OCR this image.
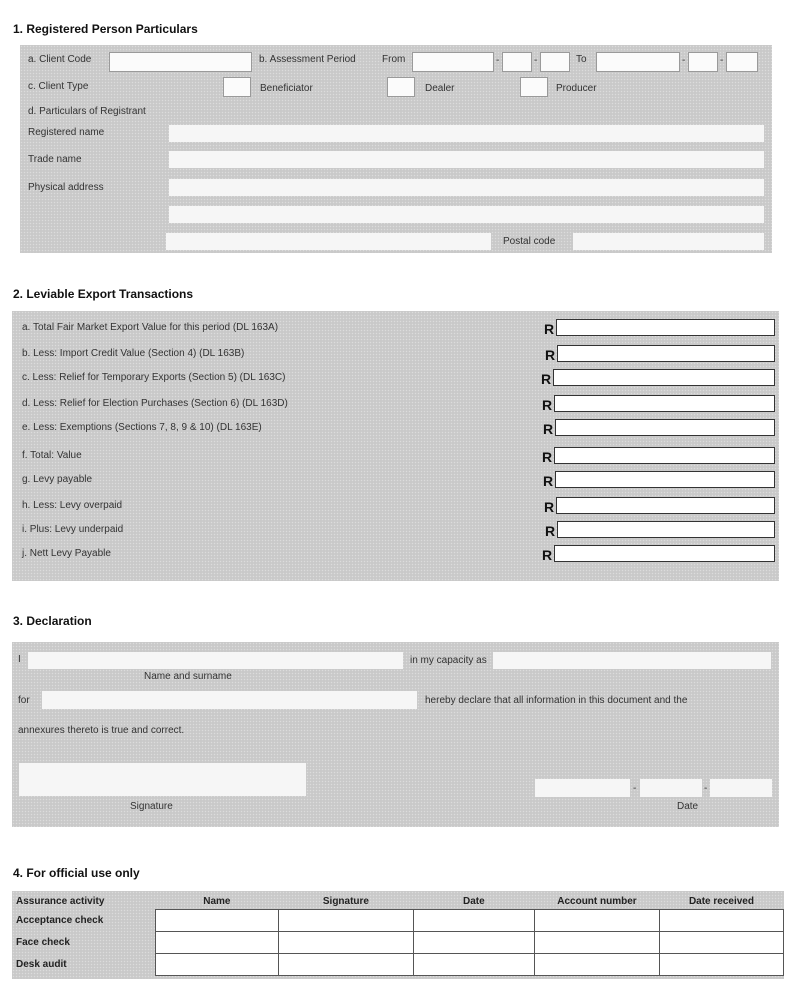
1. Registered Person Particulars
a. Client Code	b. Assessment Period	From	-	-	To	-	-
c. Client Type	Beneficiator	Dealer	Producer
d. Particulars of Registrant
Registered name
Trade name
Physical address
Postal code
2. Leviable Export Transactions
a. Total Fair Market Export Value for this period (DL 163A)	R
b. Less: Import Credit Value (Section 4) (DL 163B)	R
c. Less: Relief for Temporary Exports (Section 5) (DL 163C)	R
d. Less: Relief for Election Purchases (Section 6) (DL 163D)	R
e. Less: Exemptions (Sections 7, 8, 9 & 10) (DL 163E)	R
f. Total: Value	R
g. Levy payable	R
h. Less: Levy overpaid	R
i. Plus: Levy underpaid	R
j. Nett Levy Payable	R
3. Declaration
I	in my capacity as
Name and surname
for	hereby declare that all information in this document and the
annexures thereto is true and correct.
Signature
-	-
Date
4. For official use only
Assurance activity	Name	Signature	Date	Account number	Date received
Acceptance check					
Face check					
Desk audit					
